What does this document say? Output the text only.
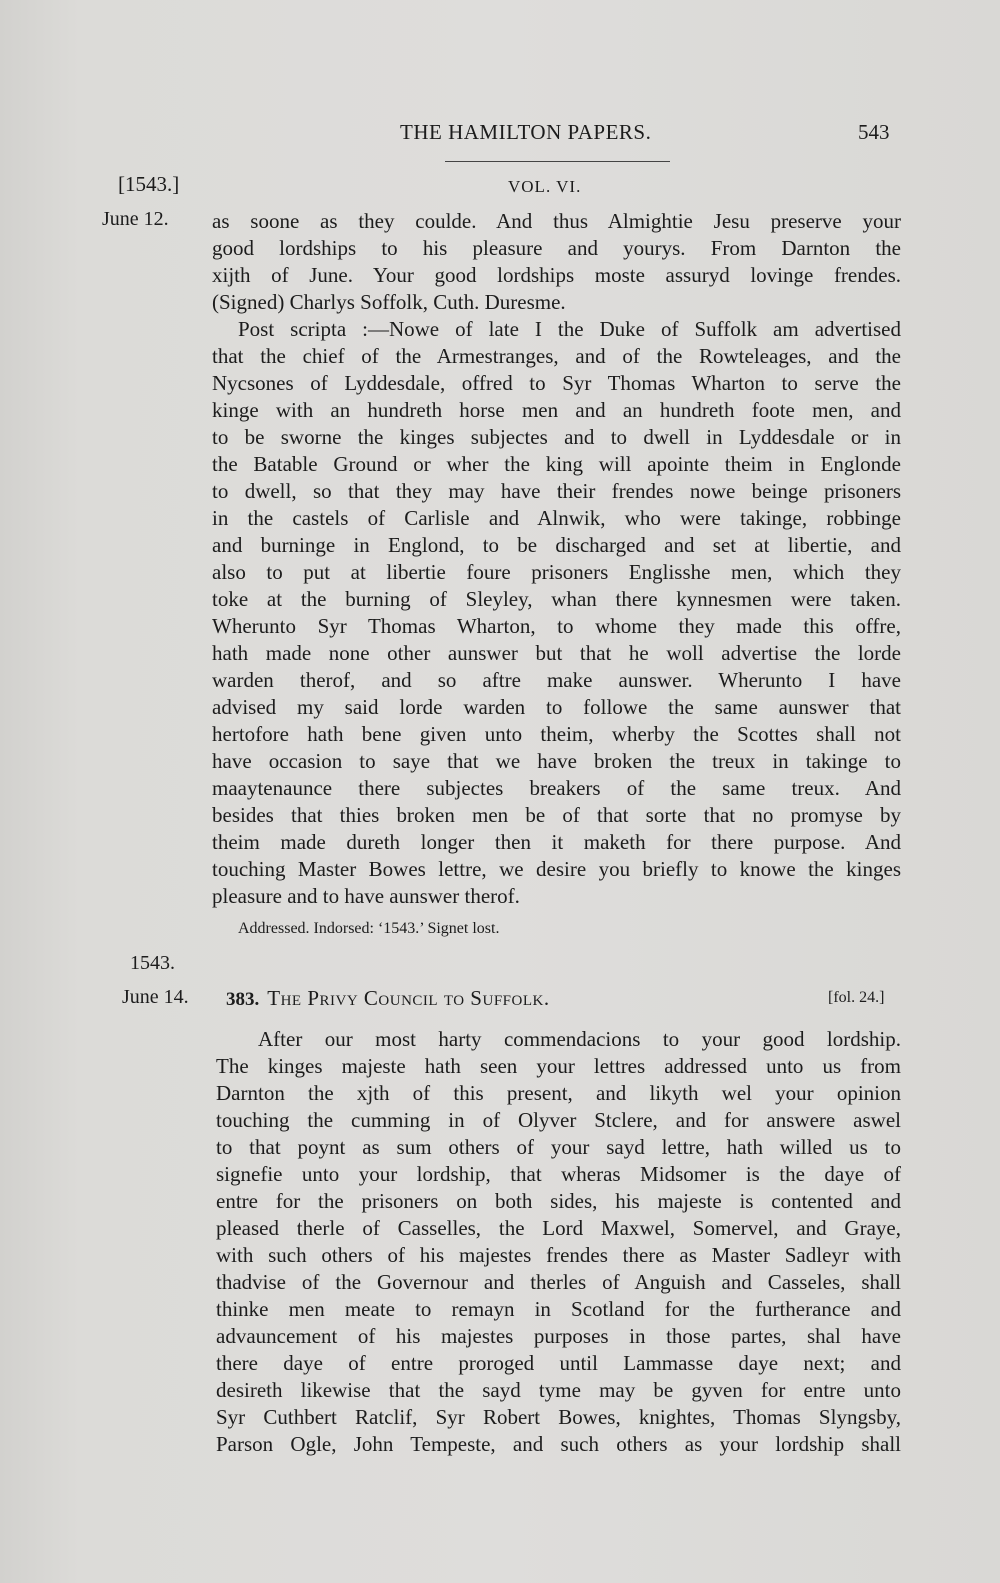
THE HAMILTON PAPERS.	543
[1543.]	VOL. VI.
June 12. as soone as they coulde. And thus Almightie Jesu preserve your
good lordships to his pleasure and yourys. From Darnton the
xijth of June. Your good lordships moste assuryd lovinge frendes.
(Signed) Charlys Soffolk, Cuth. Duresme.
Post scripta :—Nowe of late I the Duke of Suffolk am advertised
that the chief of the Armestranges, and of the Rowteleages, and the
Nycsones of Lyddesdale, offred to Syr Thomas Wharton to serve the
kinge with an hundreth horse men and an hundreth foote men, and
to be sworne the kinges subjectes and to dwell in Lyddesdale or in
the Batable Ground or wher the king will apointe theim in Englonde
to dwell, so that they may have their frendes nowe beinge prisoners
in the castels of Carlisle and Alnwik, who were takinge, robbinge
and burninge in Englond, to be discharged and set at libertie, and
also to put at libertie foure prisoners Englisshe men, which they
toke at the burning of Sleyley, whan there kynnesmen were taken.
Wherunto Syr Thomas Wharton, to whome they made this offre,
hath made none other aunswer but that he woll advertise the lorde
warden therof, and so aftre make aunswer. Wherunto I have
advised my said lorde warden to followe the same aunswer that
hertofore hath bene given unto theim, wherby the Scottes shall not
have occasion to saye that we have broken the treux in takinge to
maaytenaunce there subjectes breakers of the same treux. And
besides that thies broken men be of that sorte that no promyse by
theim made dureth longer then it maketh for there purpose. And
touching Master Bowes lettre, we desire you briefly to knowe the kinges
pleasure and to have aunswer therof.
Addressed. Indorsed: ‘1543.’ Signet lost.
1543.
June 14. 383. The Privy Council to Suffolk.	[fol. 24.]
After our most harty commendacions to your good lordship.
The kinges majeste hath seen your lettres addressed unto us from
Darnton the xjth of this present, and likyth wel your opinion
touching the cumming in of Olyver Stclere, and for answere aswel
to that poynt as sum others of your sayd lettre, hath willed us to
signefie unto your lordship, that wheras Midsomer is the daye of
entre for the prisoners on both sides, his majeste is contented and
pleased therle of Casselles, the Lord Maxwel, Somervel, and Graye,
with such others of his majestes frendes there as Master Sadleyr with
thadvise of the Governour and therles of Anguish and Casseles, shall
thinke men meate to remayn in Scotland for the furtherance and
advauncement of his majestes purposes in those partes, shal have
there daye of entre proroged until Lammasse daye next; and
desireth likewise that the sayd tyme may be gyven for entre unto
Syr Cuthbert Ratclif, Syr Robert Bowes, knightes, Thomas Slyngsby,
Parson Ogle, John Tempeste, and such others as your lordship shall
